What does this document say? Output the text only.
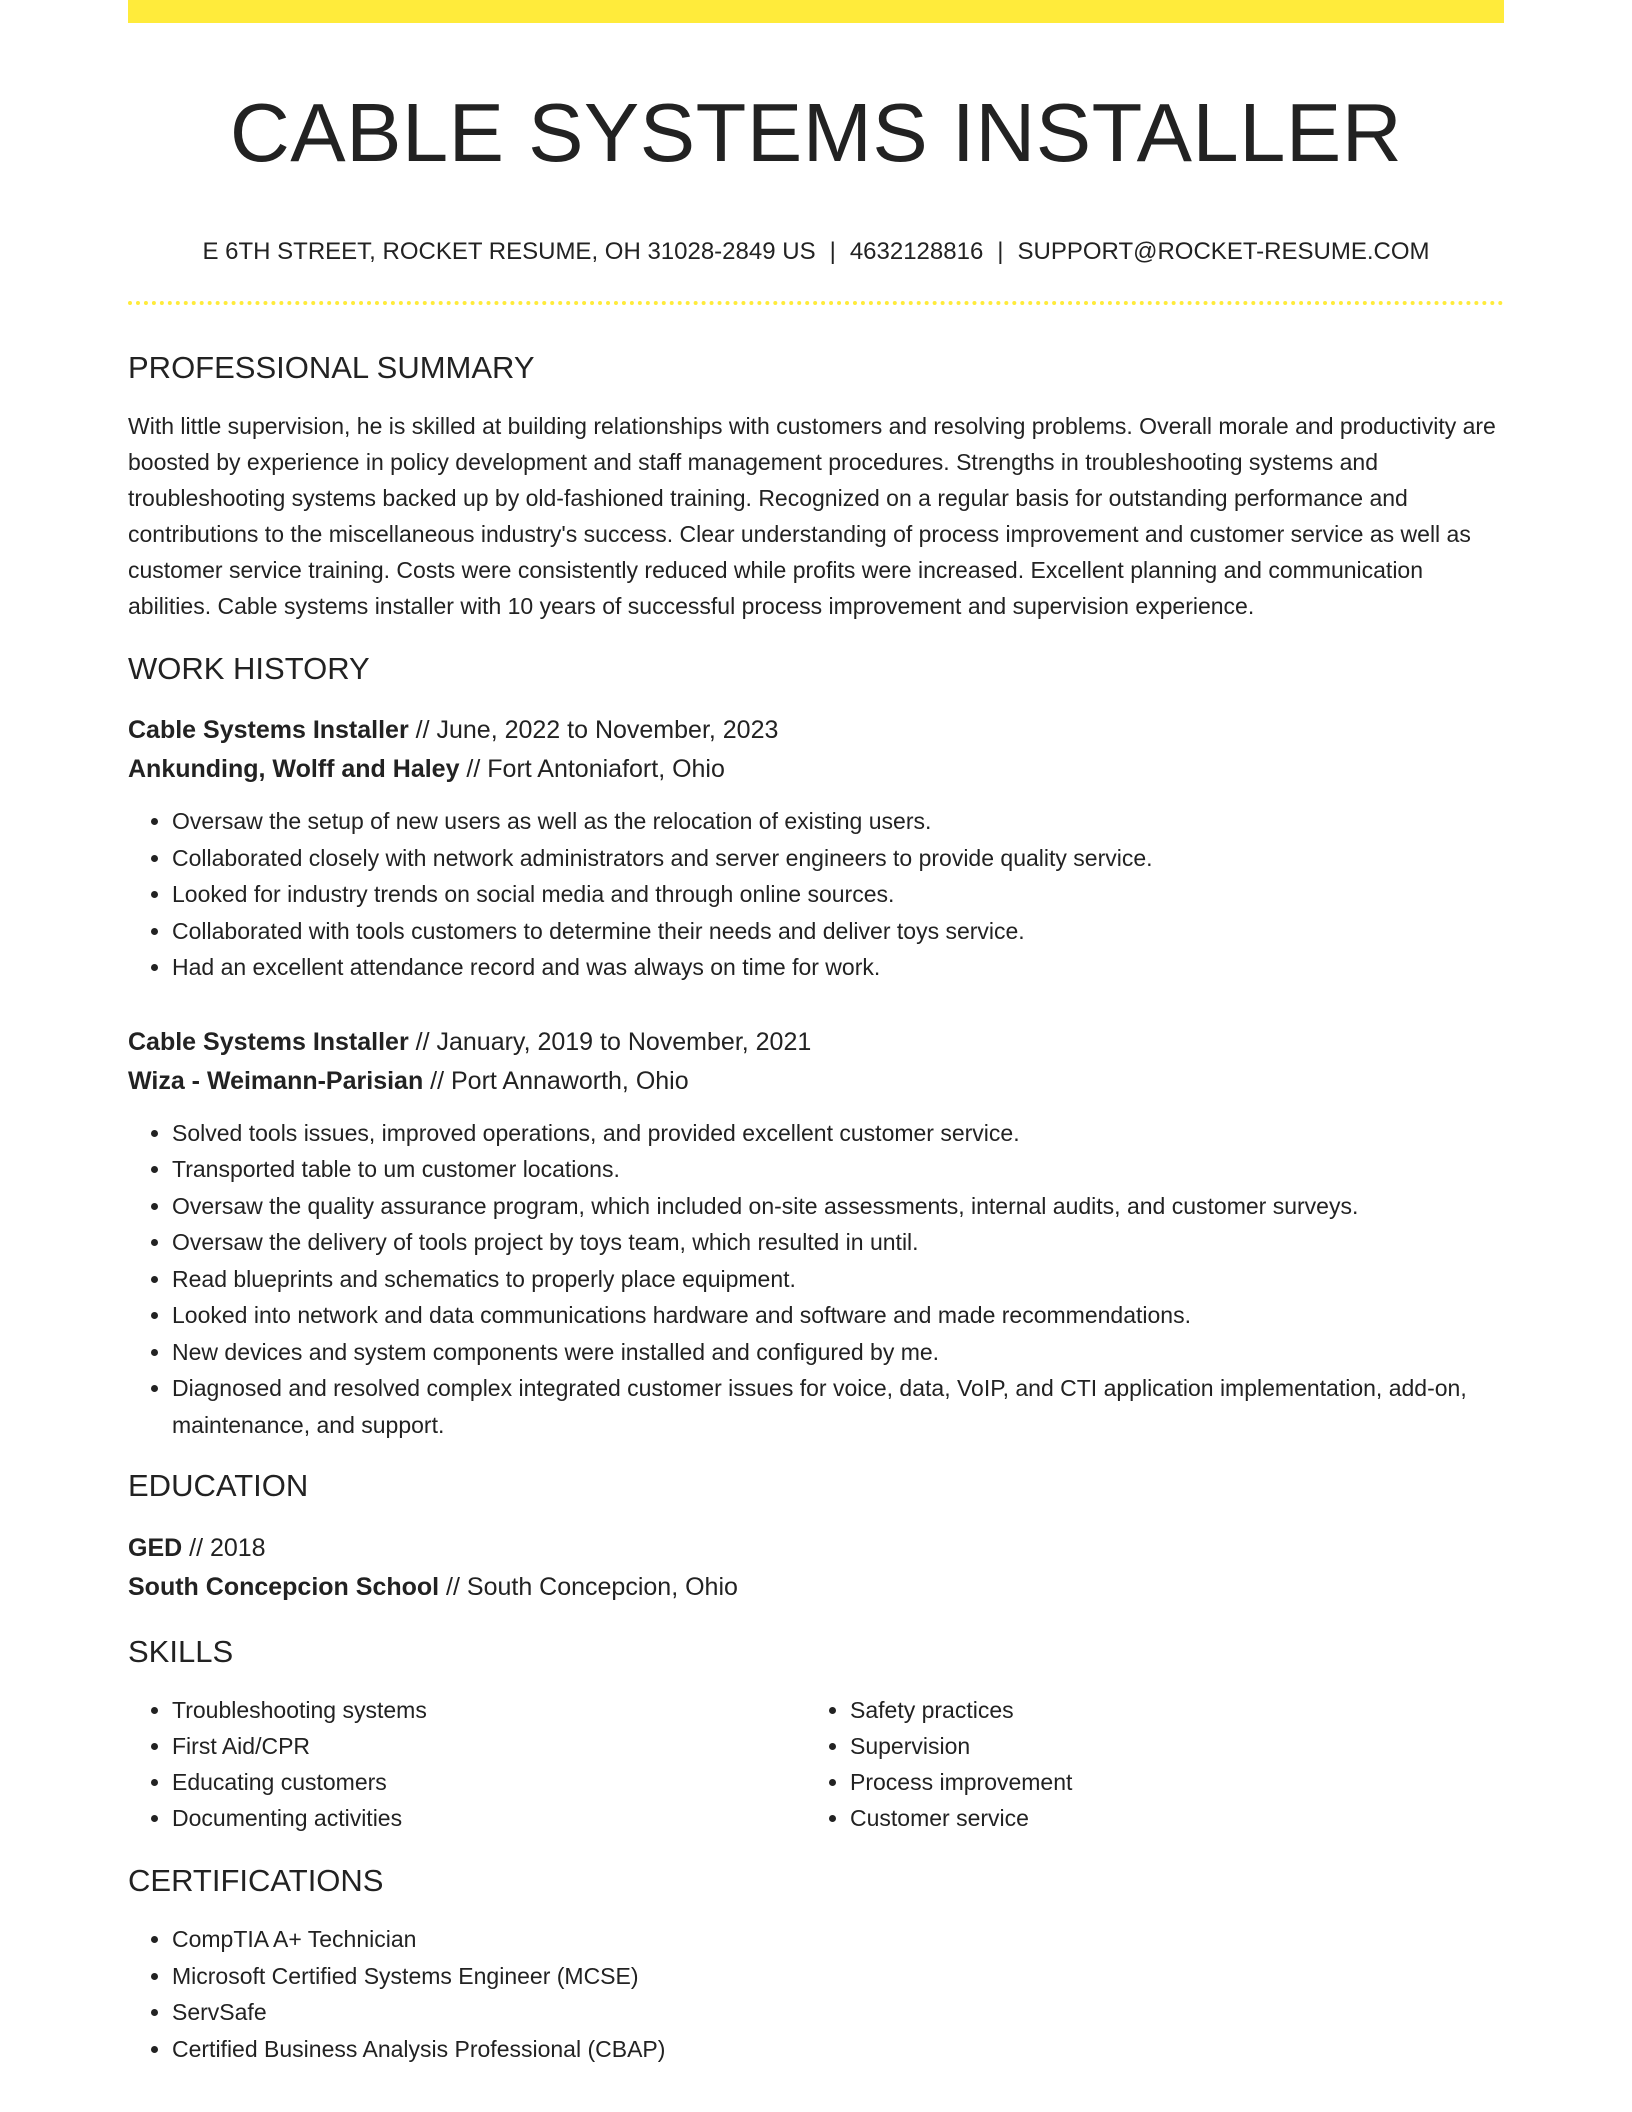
CABLE SYSTEMS INSTALLER
E 6TH STREET, ROCKET RESUME, OH 31028-2849 US | 4632128816 | SUPPORT@ROCKET-RESUME.COM
PROFESSIONAL SUMMARY

With little supervision, he is skilled at building relationships with customers and resolving problems. Overall morale and productivity are boosted by experience in policy development and staff management procedures. Strengths in troubleshooting systems and troubleshooting systems backed up by old-fashioned training. Recognized on a regular basis for outstanding performance and contributions to the miscellaneous industry's success. Clear understanding of process improvement and customer service as well as customer service training. Costs were consistently reduced while profits were increased. Excellent planning and communication abilities. Cable systems installer with 10 years of successful process improvement and supervision experience.

WORK HISTORY
Cable Systems Installer // June, 2022 to November, 2023
Ankunding, Wolff and Haley // Fort Antoniafort, Ohio
• Oversaw the setup of new users as well as the relocation of existing users.
• Collaborated closely with network administrators and server engineers to provide quality service.
• Looked for industry trends on social media and through online sources.
• Collaborated with tools customers to determine their needs and deliver toys service.
• Had an excellent attendance record and was always on time for work.
Cable Systems Installer // January, 2019 to November, 2021
Wiza - Weimann-Parisian // Port Annaworth, Ohio
• Solved tools issues, improved operations, and provided excellent customer service.
• Transported table to um customer locations.
• Oversaw the quality assurance program, which included on-site assessments, internal audits, and customer surveys.
• Oversaw the delivery of tools project by toys team, which resulted in until.
• Read blueprints and schematics to properly place equipment.
• Looked into network and data communications hardware and software and made recommendations.
• New devices and system components were installed and configured by me.
• Diagnosed and resolved complex integrated customer issues for voice, data, VoIP, and CTI application implementation, add-on, maintenance, and support.
EDUCATION
GED // 2018
South Concepcion School // South Concepcion, Ohio
SKILLS
• Troubleshooting systems
• First Aid/CPR
• Educating customers
• Documenting activities
• Safety practices
• Supervision
• Process improvement
• Customer service
CERTIFICATIONS
• CompTIA A+ Technician
• Microsoft Certified Systems Engineer (MCSE)
• ServSafe
• Certified Business Analysis Professional (CBAP)
